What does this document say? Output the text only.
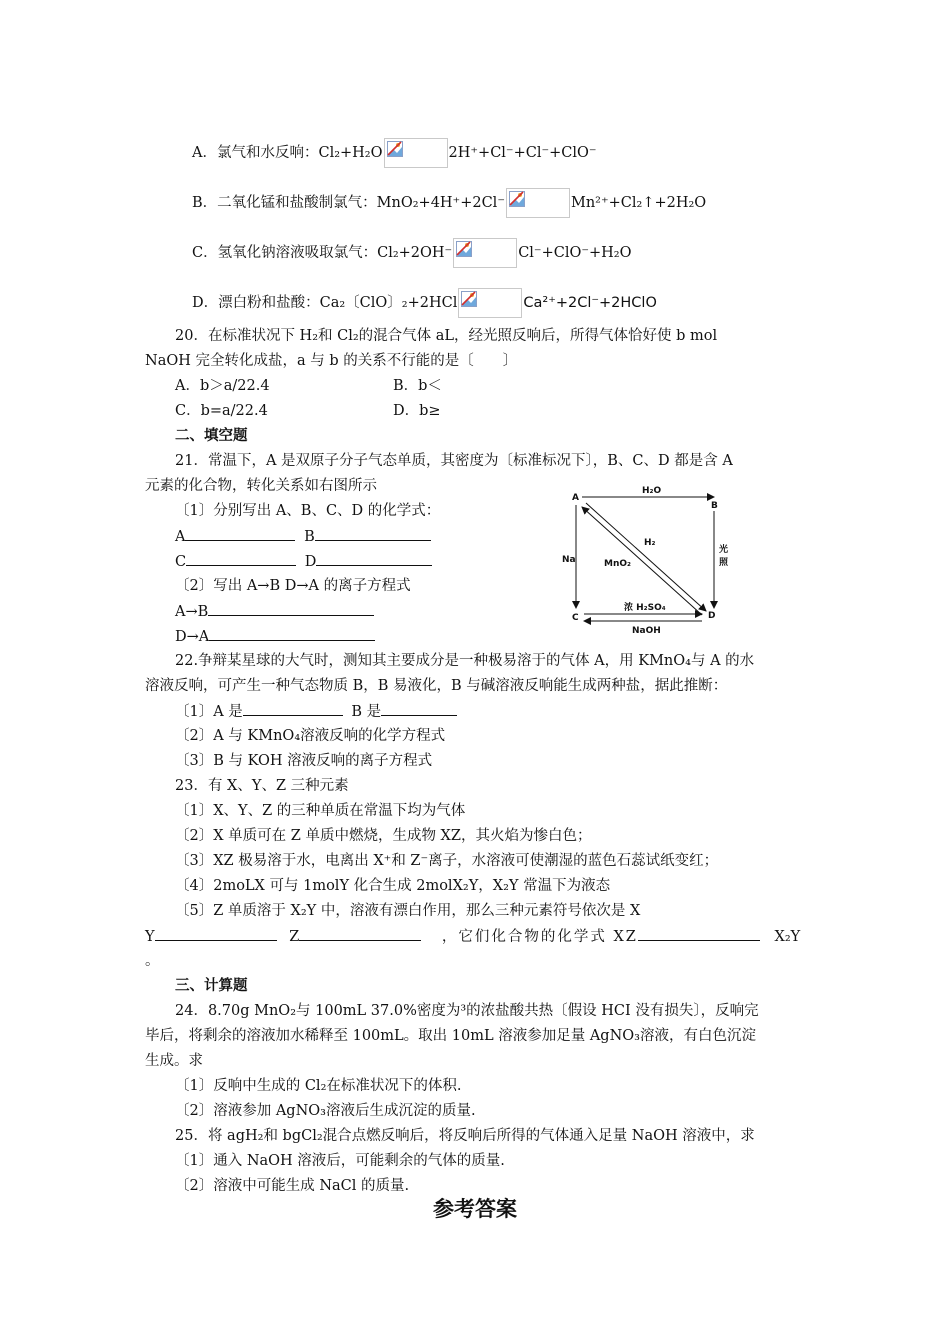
A．氯气和水反响：Cl₂+H₂O	2H⁺+Cl⁻+Cl⁻+ClO⁻
B．二氧化锰和盐酸制氯气：MnO₂+4H⁺+2Cl⁻	Mn²⁺+Cl₂↑+2H₂O
C．氢氧化钠溶液吸取氯气：Cl₂+2OH⁻	Cl⁻+ClO⁻+H₂O
D．漂白粉和盐酸：Ca₂〔ClO〕₂+2HCl	Ca²⁺+2Cl⁻+2HClO
20．在标准状况下 H₂和 Cl₂的混合气体 aL，经光照反响后，所得气体恰好使 b mol
NaOH 完全转化成盐，a 与 b 的关系不行能的是〔　　〕
A．b＞a/22.4	B．b＜
C．b=a/22.4	D．b≥
二、填空题
21．常温下，A 是双原子分子气态单质，其密度为〔标准标况下〕，B、C、D 都是含 A
元素的化合物，转化关系如右图所示
〔1〕分别写出 A、B、C、D 的化学式：
A	B
C	D
〔2〕写出 A→B D→A 的离子方程式
A→B
D→A
A
B
C	D
H₂O
光
照
Na
H₂
MnO₂
浓 H₂SO₄
NaOH
22.争辩某星球的大气时，测知其主要成分是一种极易溶于的气体 A，用 KMnO₄与 A 的水
溶液反响，可产生一种气态物质 B，B 易液化，B 与碱溶液反响能生成两种盐，据此推断：
〔1〕A 是	B 是
〔2〕A 与 KMnO₄溶液反响的化学方程式
〔3〕B 与 KOH 溶液反响的离子方程式
23．有 X、Y、Z 三种元素
〔1〕X、Y、Z 的三种单质在常温下均为气体
〔2〕X 单质可在 Z 单质中燃烧，生成物 XZ，其火焰为惨白色；
〔3〕XZ 极易溶于水，电离出 X⁺和 Z⁻离子，水溶液可使潮湿的蓝色石蕊试纸变红；
〔4〕2moLX 可与 1molY 化合生成 2molX₂Y，X₂Y 常温下为液态
〔5〕Z 单质溶于 X₂Y 中，溶液有漂白作用，那么三种元素符号依次是 X
Y	Z	，它们化合物的化学式 XZ	X₂Y
。
三、计算题
24．8.70g MnO₂与 100mL 37.0%密度为³的浓盐酸共热〔假设 HCI 没有损失〕，反响完
毕后，将剩余的溶液加水稀释至 100mL。取出 10mL 溶液参加足量 AgNO₃溶液，有白色沉淀
生成。求
〔1〕反响中生成的 Cl₂在标准状况下的体积.
〔2〕溶液参加 AgNO₃溶液后生成沉淀的质量.
25．将 agH₂和 bgCl₂混合点燃反响后，将反响后所得的气体通入足量 NaOH 溶液中，求
〔1〕通入 NaOH 溶液后，可能剩余的气体的质量.
〔2〕溶液中可能生成 NaCl 的质量.
参考答案
